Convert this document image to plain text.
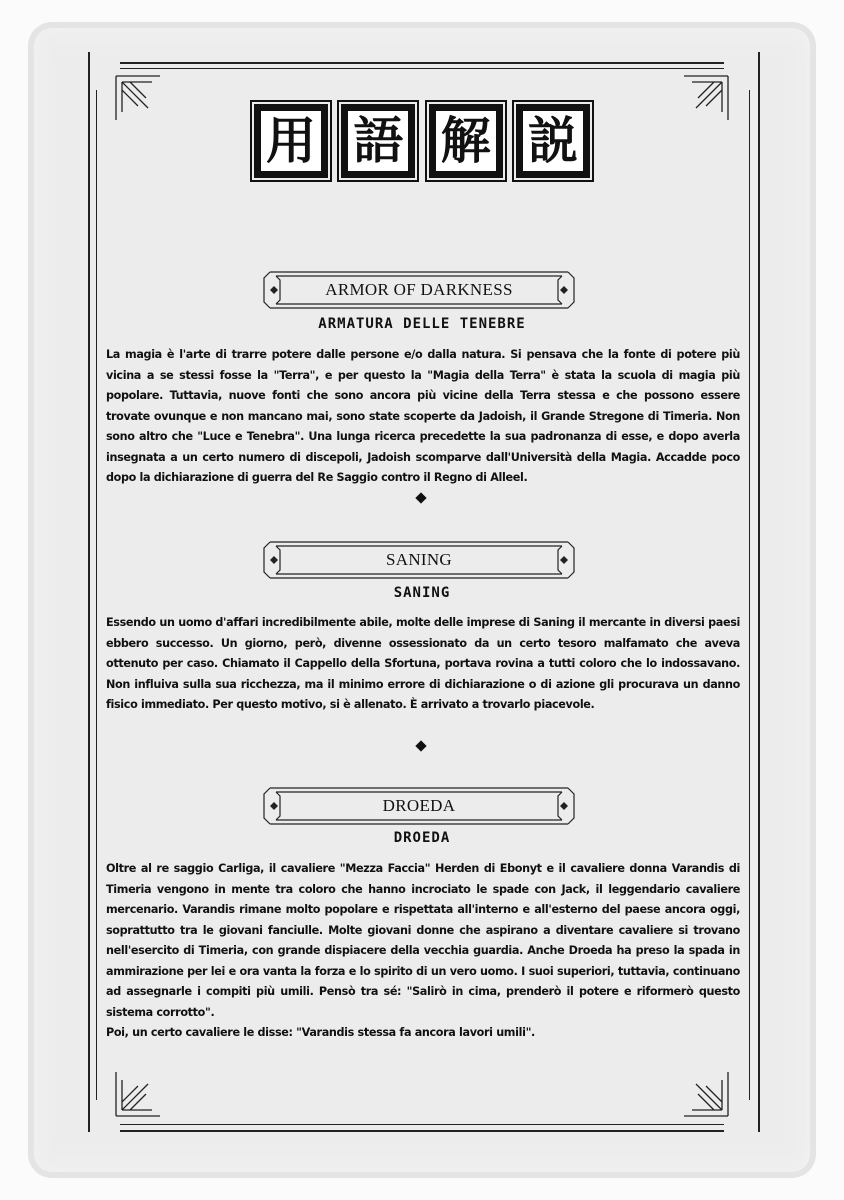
用 語 解 説
ARMOR OF DARKNESS
ARMATURA DELLE TENEBRE

La magia è l'arte di trarre potere dalle persone e/o dalla natura. Si pensava che la fonte di potere più vicina a se stessi fosse la "Terra", e per questo la "Magia della Terra" è stata la scuola di magia più popolare. Tuttavia, nuove fonti che sono ancora più vicine della Terra stessa e che possono essere trovate ovunque e non mancano mai, sono state scoperte da Jadoish, il Grande Stregone di Timeria. Non sono altro che "Luce e Tenebra". Una lunga ricerca precedette la sua padronanza di esse, e dopo averla insegnata a un certo numero di discepoli, Jadoish scomparve dall'Università della Magia. Accadde poco dopo la dichiarazione di guerra del Re Saggio contro il Regno di Alleel.

SANING
SANING

Essendo un uomo d'affari incredibilmente abile, molte delle imprese di Saning il mercante in diversi paesi ebbero successo. Un giorno, però, divenne ossessionato da un certo tesoro malfamato che aveva ottenuto per caso. Chiamato il Cappello della Sfortuna, portava rovina a tutti coloro che lo indossavano. Non influiva sulla sua ricchezza, ma il minimo errore di dichiarazione o di azione gli procurava un danno fisico immediato. Per questo motivo, si è allenato. È arrivato a trovarlo piacevole.

DROEDA
DROEDA

Oltre al re saggio Carliga, il cavaliere "Mezza Faccia" Herden di Ebonyt e il cavaliere donna Varandis di Timeria vengono in mente tra coloro che hanno incrociato le spade con Jack, il leggendario cavaliere mercenario. Varandis rimane molto popolare e rispettata all'interno e all'esterno del paese ancora oggi, soprattutto tra le giovani fanciulle. Molte giovani donne che aspirano a diventare cavaliere si trovano nell'esercito di Timeria, con grande dispiacere della vecchia guardia. Anche Droeda ha preso la spada in ammirazione per lei e ora vanta la forza e lo spirito di un vero uomo. I suoi superiori, tuttavia, continuano ad assegnarle i compiti più umili. Pensò tra sé: "Salirò in cima, prenderò il potere e riformerò questo sistema corrotto".

Poi, un certo cavaliere le disse: "Varandis stessa fa ancora lavori umili".
